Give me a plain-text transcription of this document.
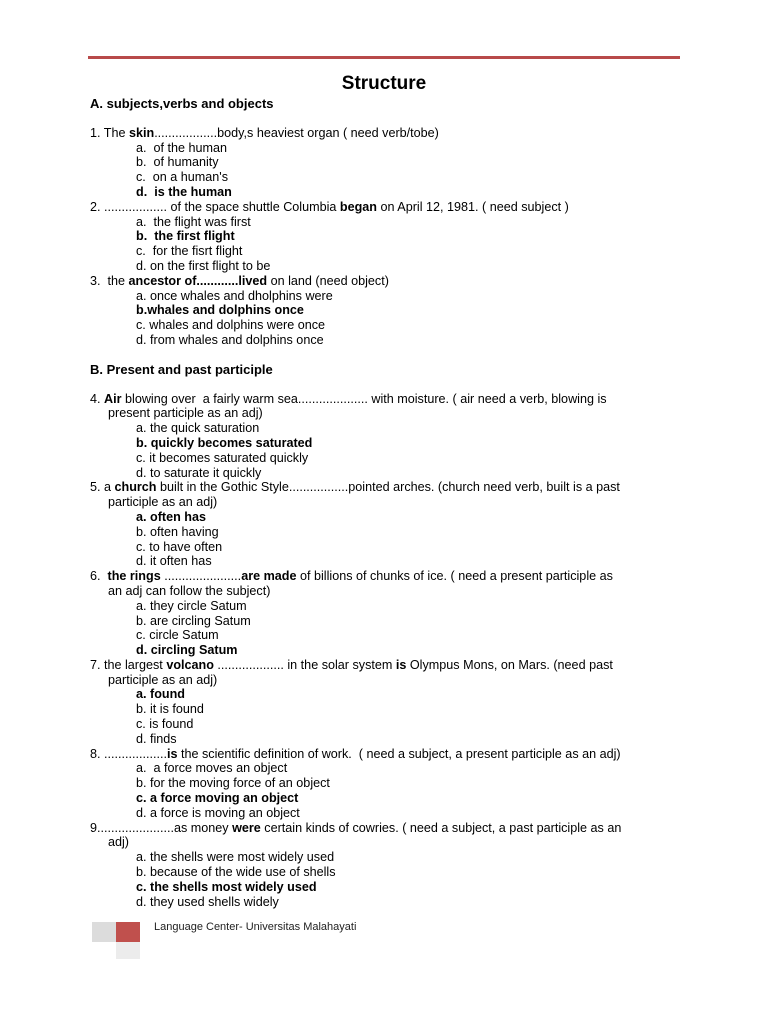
Structure
A. subjects,verbs and objects
1. The skin..................body,s heaviest organ ( need verb/tobe)
a.  of the human
b.  of humanity
c.  on a human's
d.  is the human
2. .................. of the space shuttle Columbia began on April 12, 1981. ( need subject )
a.  the flight was first
b.  the first flight
c.  for the fisrt flight
d. on the first flight to be
3.  the ancestor of............lived on land (need object)
a. once whales and dholphins were
b.whales and dolphins once
c. whales and dolphins were once
d. from whales and dolphins once
B. Present and past participle
4. Air blowing over  a fairly warm sea.................... with moisture. ( air need a verb, blowing is
present participle as an adj)
a. the quick saturation
b. quickly becomes saturated
c. it becomes saturated quickly
d. to saturate it quickly
5. a church built in the Gothic Style.................pointed arches. (church need verb, built is a past
participle as an adj)
a. often has
b. often having
c. to have often
d. it often has
6.  the rings ......................are made of billions of chunks of ice. ( need a present participle as
an adj can follow the subject)
a. they circle Satum
b. are circling Satum
c. circle Satum
d. circling Satum
7. the largest volcano ................... in the solar system is Olympus Mons, on Mars. (need past
participle as an adj)
a. found
b. it is found
c. is found
d. finds
8. ..................is the scientific definition of work.  ( need a subject, a present participle as an adj)
a.  a force moves an object
b. for the moving force of an object
c. a force moving an object
d. a force is moving an object
9......................as money were certain kinds of cowries. ( need a subject, a past participle as an
adj)
a. the shells were most widely used
b. because of the wide use of shells
c. the shells most widely used
d. they used shells widely
Language Center- Universitas Malahayati
